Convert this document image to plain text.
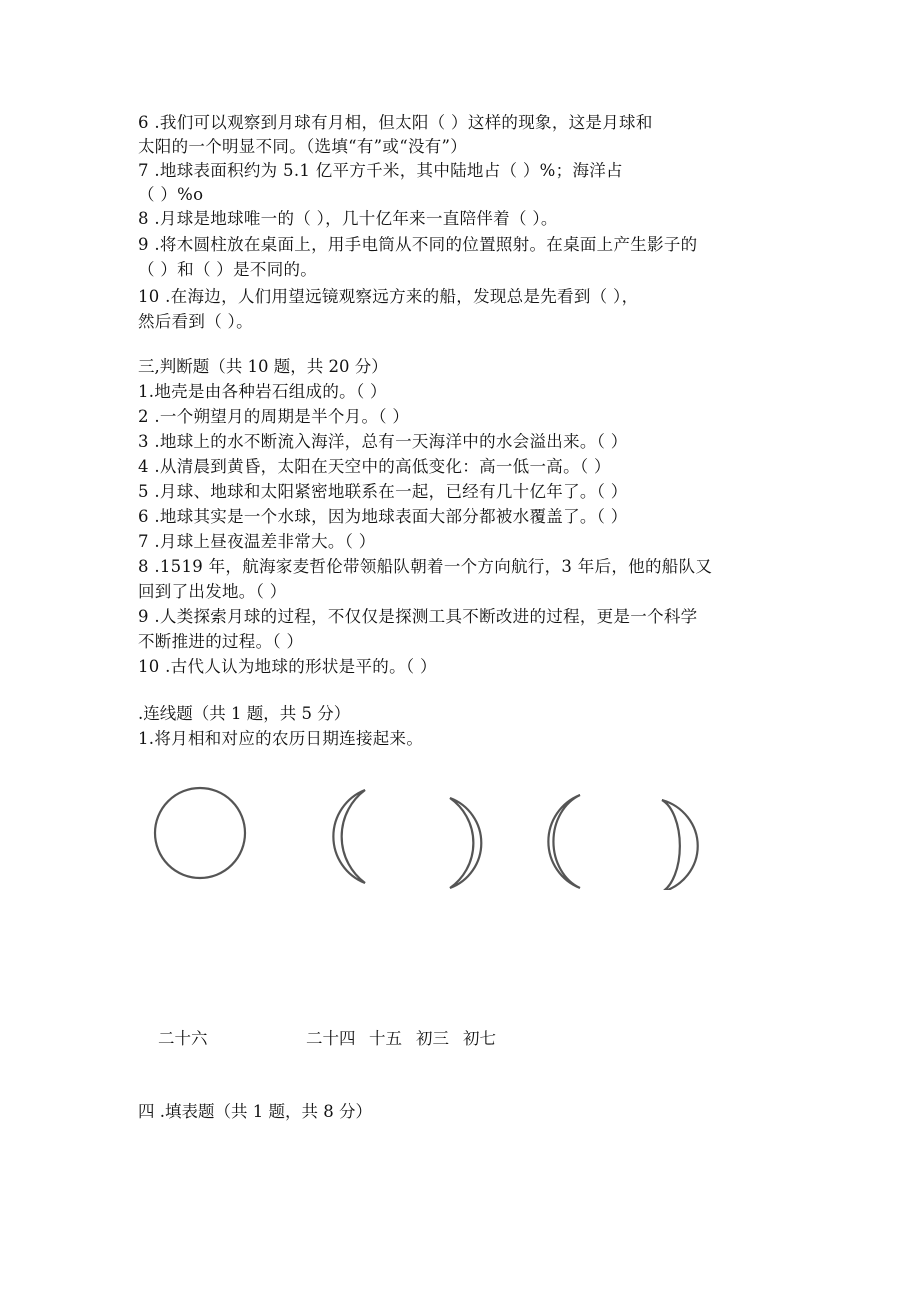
6 .我们可以观察到月球有月相，但太阳（ ）这样的现象，这是月球和
太阳的一个明显不同。（选填“有”或“没有”）
7 .地球表面积约为 5.1 亿平方千米，其中陆地占（ ）%；海洋占
（ ）%o
8 .月球是地球唯一的（ ），几十亿年来一直陪伴着（ ）。
9 .将木圆柱放在桌面上，用手电筒从不同的位置照射。在桌面上产生影子的
（ ）和（ ）是不同的。
10 .在海边，人们用望远镜观察远方来的船，发现总是先看到（ ），
然后看到（ ）。
三,判断题（共 10 题，共 20 分）
1.地壳是由各种岩石组成的。（ ）
2 .一个朔望月的周期是半个月。（ ）
3 .地球上的水不断流入海洋，总有一天海洋中的水会溢出来。（ ）
4 .从清晨到黄昏，太阳在天空中的高低变化：高一低一高。（ ）
5 .月球、地球和太阳紧密地联系在一起，已经有几十亿年了。（ ）
6 .地球其实是一个水球，因为地球表面大部分都被水覆盖了。（ ）
7 .月球上昼夜温差非常大。（ ）
8 .1519 年，航海家麦哲伦带领船队朝着一个方向航行，3 年后，他的船队又
回到了出发地。（ ）
9 .人类探索月球的过程，不仅仅是探测工具不断改进的过程，更是一个科学
不断推进的过程。（ ）
10 .古代人认为地球的形状是平的。（ ）
.连线题（共 1 题，共 5 分）
1.将月相和对应的农历日期连接起来。
二十六	二十四 十五 初三 初七
四 .填表题（共 1 题，共 8 分）
